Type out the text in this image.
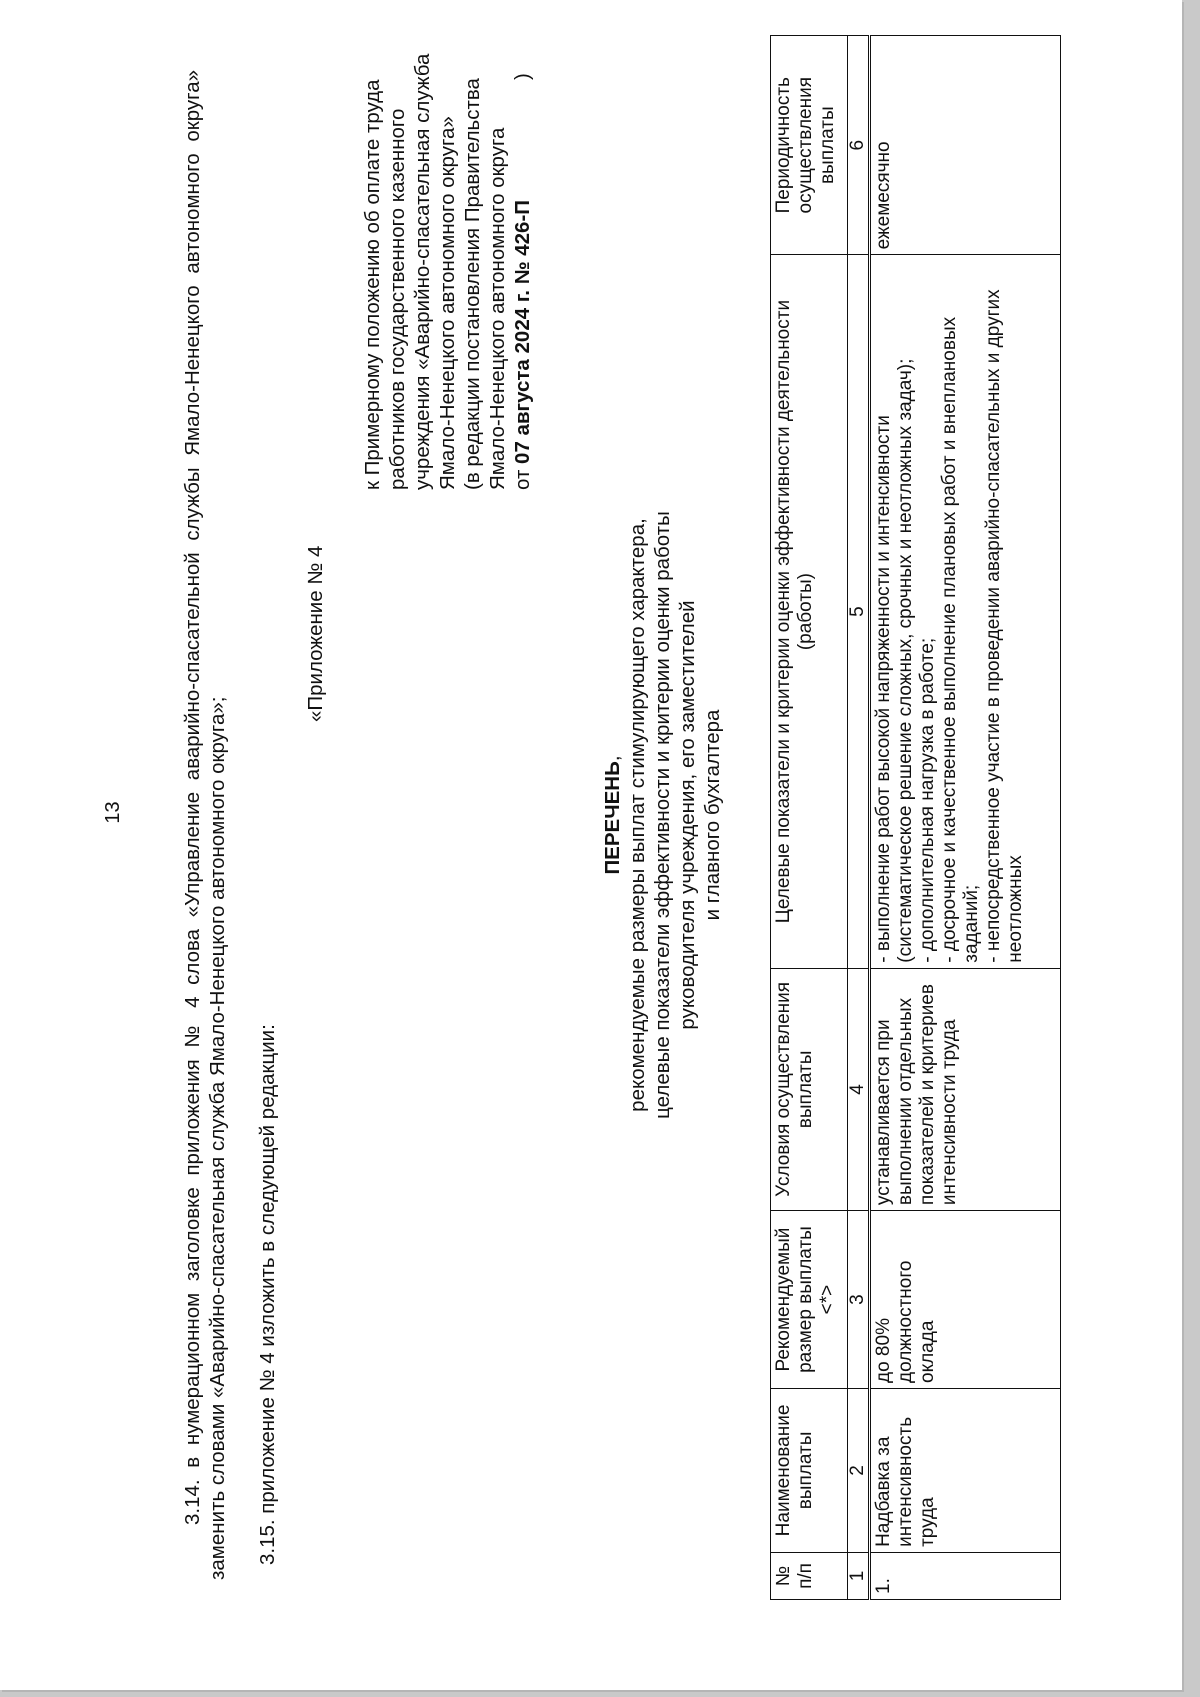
13	3.14. в нумерационном заголовке приложения № 4 слова «Управление аварийно-спасательной службы Ямало-Ненецкого автономного округа» заменить словами «Аварийно-спасательная служба Ямало-Ненецкого автономного округа»; 3.15. приложение № 4 изложить в следующей редакции:
«Приложение № 4
к Примерному положению об оплате труда работников государственного казенного учреждения «Аварийно-спасательная служба Ямало-Ненецкого автономного округа» (в редакции постановления Правительства Ямало-Ненецкого автономного округа от 07 августа 2024 г. № 426-П)
ПЕРЕЧЕНЬ, рекомендуемые размеры выплат стимулирующего характера, целевые показатели эффективности и критерии оценки работы руководителя учреждения, его заместителей и главного бухгалтера
№ п/п	Наименование выплаты	Рекомендуемый размер выплаты <*>	Условия осуществления выплаты	Целевые показатели и критерии оценки эффективности деятельности (работы)	Периодичность осуществления выплаты
1	2	3	4	5	6
1.	Надбавка за интенсивность труда	до 80% должностного оклада	устанавливается при выполнении отдельных показателей и критериев интенсивности труда	- выполнение работ высокой напряженности и интенсивности (систематическое решение сложных, срочных и неотложных задач); - дополнительная нагрузка в работе; - досрочное и качественное выполнение плановых работ и внеплановых заданий; - непосредственное участие в проведении аварийно-спасательных и других неотложных	ежемесячно
